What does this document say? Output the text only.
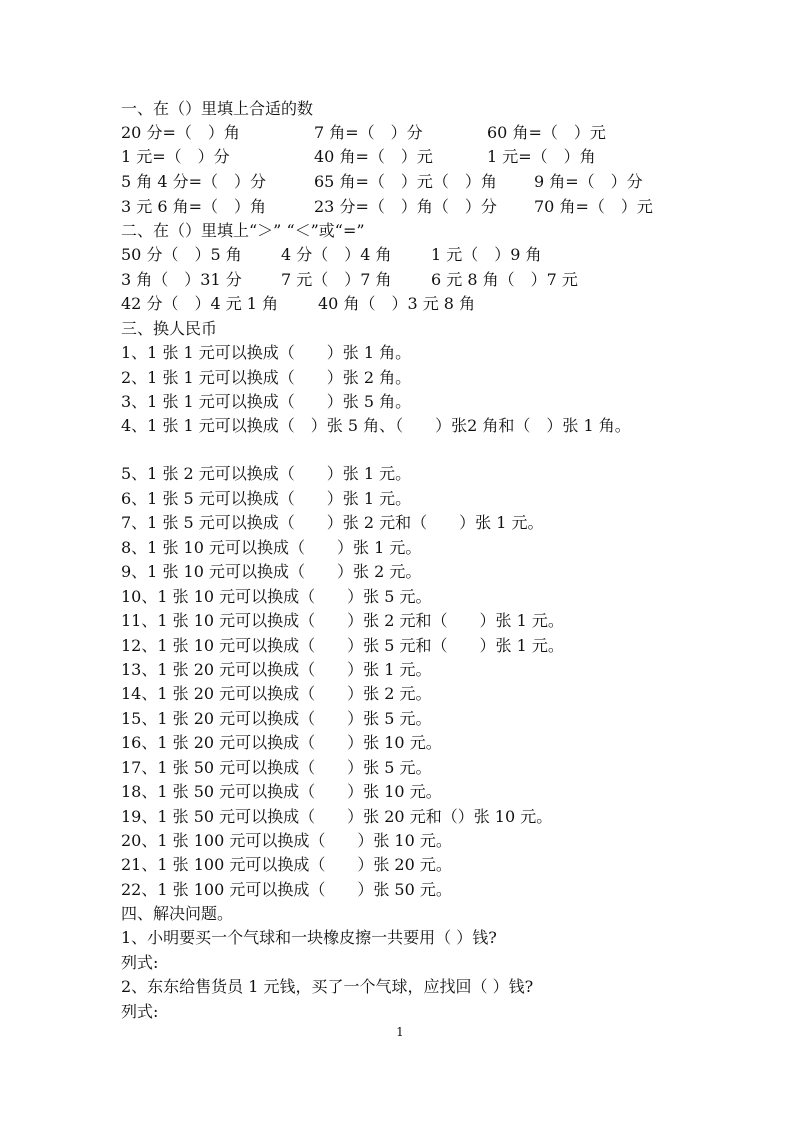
一、在（）里填上合适的数

20 分=（　）角

	7 角=（　）分

	60 角=（　）元

1 元=（　）分

	40 角=（　）元

	1 元=（　）角

5 角 4 分=（　）分

	65 角=（　）元（　）角

9 角=（　）分

3 元 6 角=（　）角

	23 分=（　）角（　）分

70 角=（　）元

二、在（）里填上“＞” “＜”或“=”

50 分（　）5 角

4 分（　）4 角

1 元（　）9 角

3 角（　）31 分

7 元（　）7 角

6 元 8 角（　）7 元

42 分（　）4 元 1 角

40 角（　）3 元 8 角

三、换人民币
1、1 张 1 元可以换成（　　）张 1 角。
2、1 张 1 元可以换成（　　）张 2 角。
3、1 张 1 元可以换成（　　）张 5 角。
4、1 张 1 元可以换成（　）张 5 角、（　　）张2 角和（　）张 1 角。
5、1 张 2 元可以换成（　　）张 1 元。
6、1 张 5 元可以换成（　　）张 1 元。
7、1 张 5 元可以换成（　　）张 2 元和（　　）张 1 元。
8、1 张 10 元可以换成（　　）张 1 元。
9、1 张 10 元可以换成（　　）张 2 元。
10、1 张 10 元可以换成（　　）张 5 元。
11、1 张 10 元可以换成（　　）张 2 元和（　　）张 1 元。
12、1 张 10 元可以换成（　　）张 5 元和（　　）张 1 元。
13、1 张 20 元可以换成（　　）张 1 元。
14、1 张 20 元可以换成（　　）张 2 元。
15、1 张 20 元可以换成（　　）张 5 元。
16、1 张 20 元可以换成（　　）张 10 元。
17、1 张 50 元可以换成（　　）张 5 元。
18、1 张 50 元可以换成（　　）张 10 元。
19、1 张 50 元可以换成（　　）张 20 元和（）张 10 元。
20、1 张 100 元可以换成（　　）张 10 元。
21、1 张 100 元可以换成（　　）张 20 元。
22、1 张 100 元可以换成（　　）张 50 元。
四、解决问题。
1、小明要买一个气球和一块橡皮擦一共要用（ ）钱?
列式:
2、东东给售货员 1 元钱，买了一个气球，应找回（ ）钱?
列式:
1
